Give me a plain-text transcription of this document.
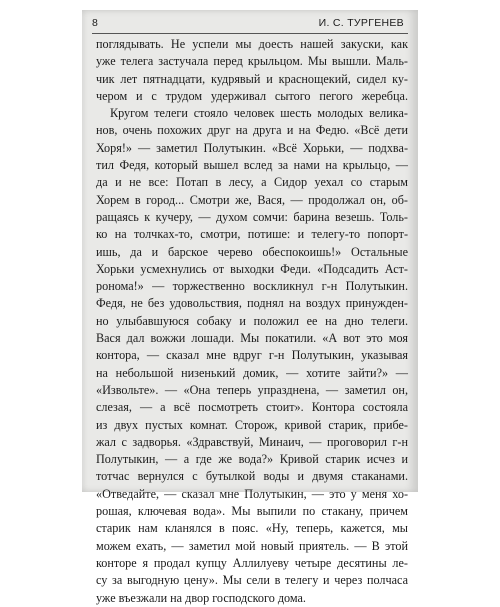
8	И. С. ТУРГЕНЕВ
поглядывать. Не успели мы доесть нашей закуски, как
уже телега застучала перед крыльцом. Мы вышли. Маль-
чик лет пятнадцати, кудрявый и краснощекий, сидел ку-
чером и с трудом удерживал сытого пегого жеребца.
Кругом телеги стояло человек шесть молодых велика-
нов, очень похожих друг на друга и на Федю. «Всё дети
Хоря!» — заметил Полутыкин. «Всё Хорьки, — подхва-
тил Федя, который вышел вслед за нами на крыльцо, —
да и не все: Потап в лесу, а Сидор уехал со старым
Хорем в город... Смотри же, Вася, — продолжал он, об-
ращаясь к кучеру, — духом сомчи: барина везешь. Толь-
ко на толчках-то, смотри, потише: и телегу-то попорт-
ишь, да и барское черево обеспокоишь!» Остальные
Хорьки усмехнулись от выходки Феди. «Подсадить Аст-
ронома!» — торжественно воскликнул г-н Полутыкин.
Федя, не без удовольствия, поднял на воздух принужден-
но улыбавшуюся собаку и положил ее на дно телеги.
Вася дал вожжи лошади. Мы покатили. «А вот это моя
контора, — сказал мне вдруг г-н Полутыкин, указывая
на небольшой низенький домик, — хотите зайти?» —
«Извольте». — «Она теперь упразднена, — заметил он,
слезая, — а всё посмотреть стоит». Контора состояла
из двух пустых комнат. Сторож, кривой старик, прибе-
жал с задворья. «Здравствуй, Минаич, — проговорил г-н
Полутыкин, — а где же вода?» Кривой старик исчез и
тотчас вернулся с бутылкой воды и двумя стаканами.
«Отведайте, — сказал мне Полутыкин, — это у меня хо-
рошая, ключевая вода». Мы выпили по стакану, причем
старик нам кланялся в пояс. «Ну, теперь, кажется, мы
можем ехать, — заметил мой новый приятель. — В этой
конторе я продал купцу Аллилуеву четыре десятины ле-
су за выгодную цену». Мы сели в телегу и через полчаса
уже въезжали на двор господского дома.
